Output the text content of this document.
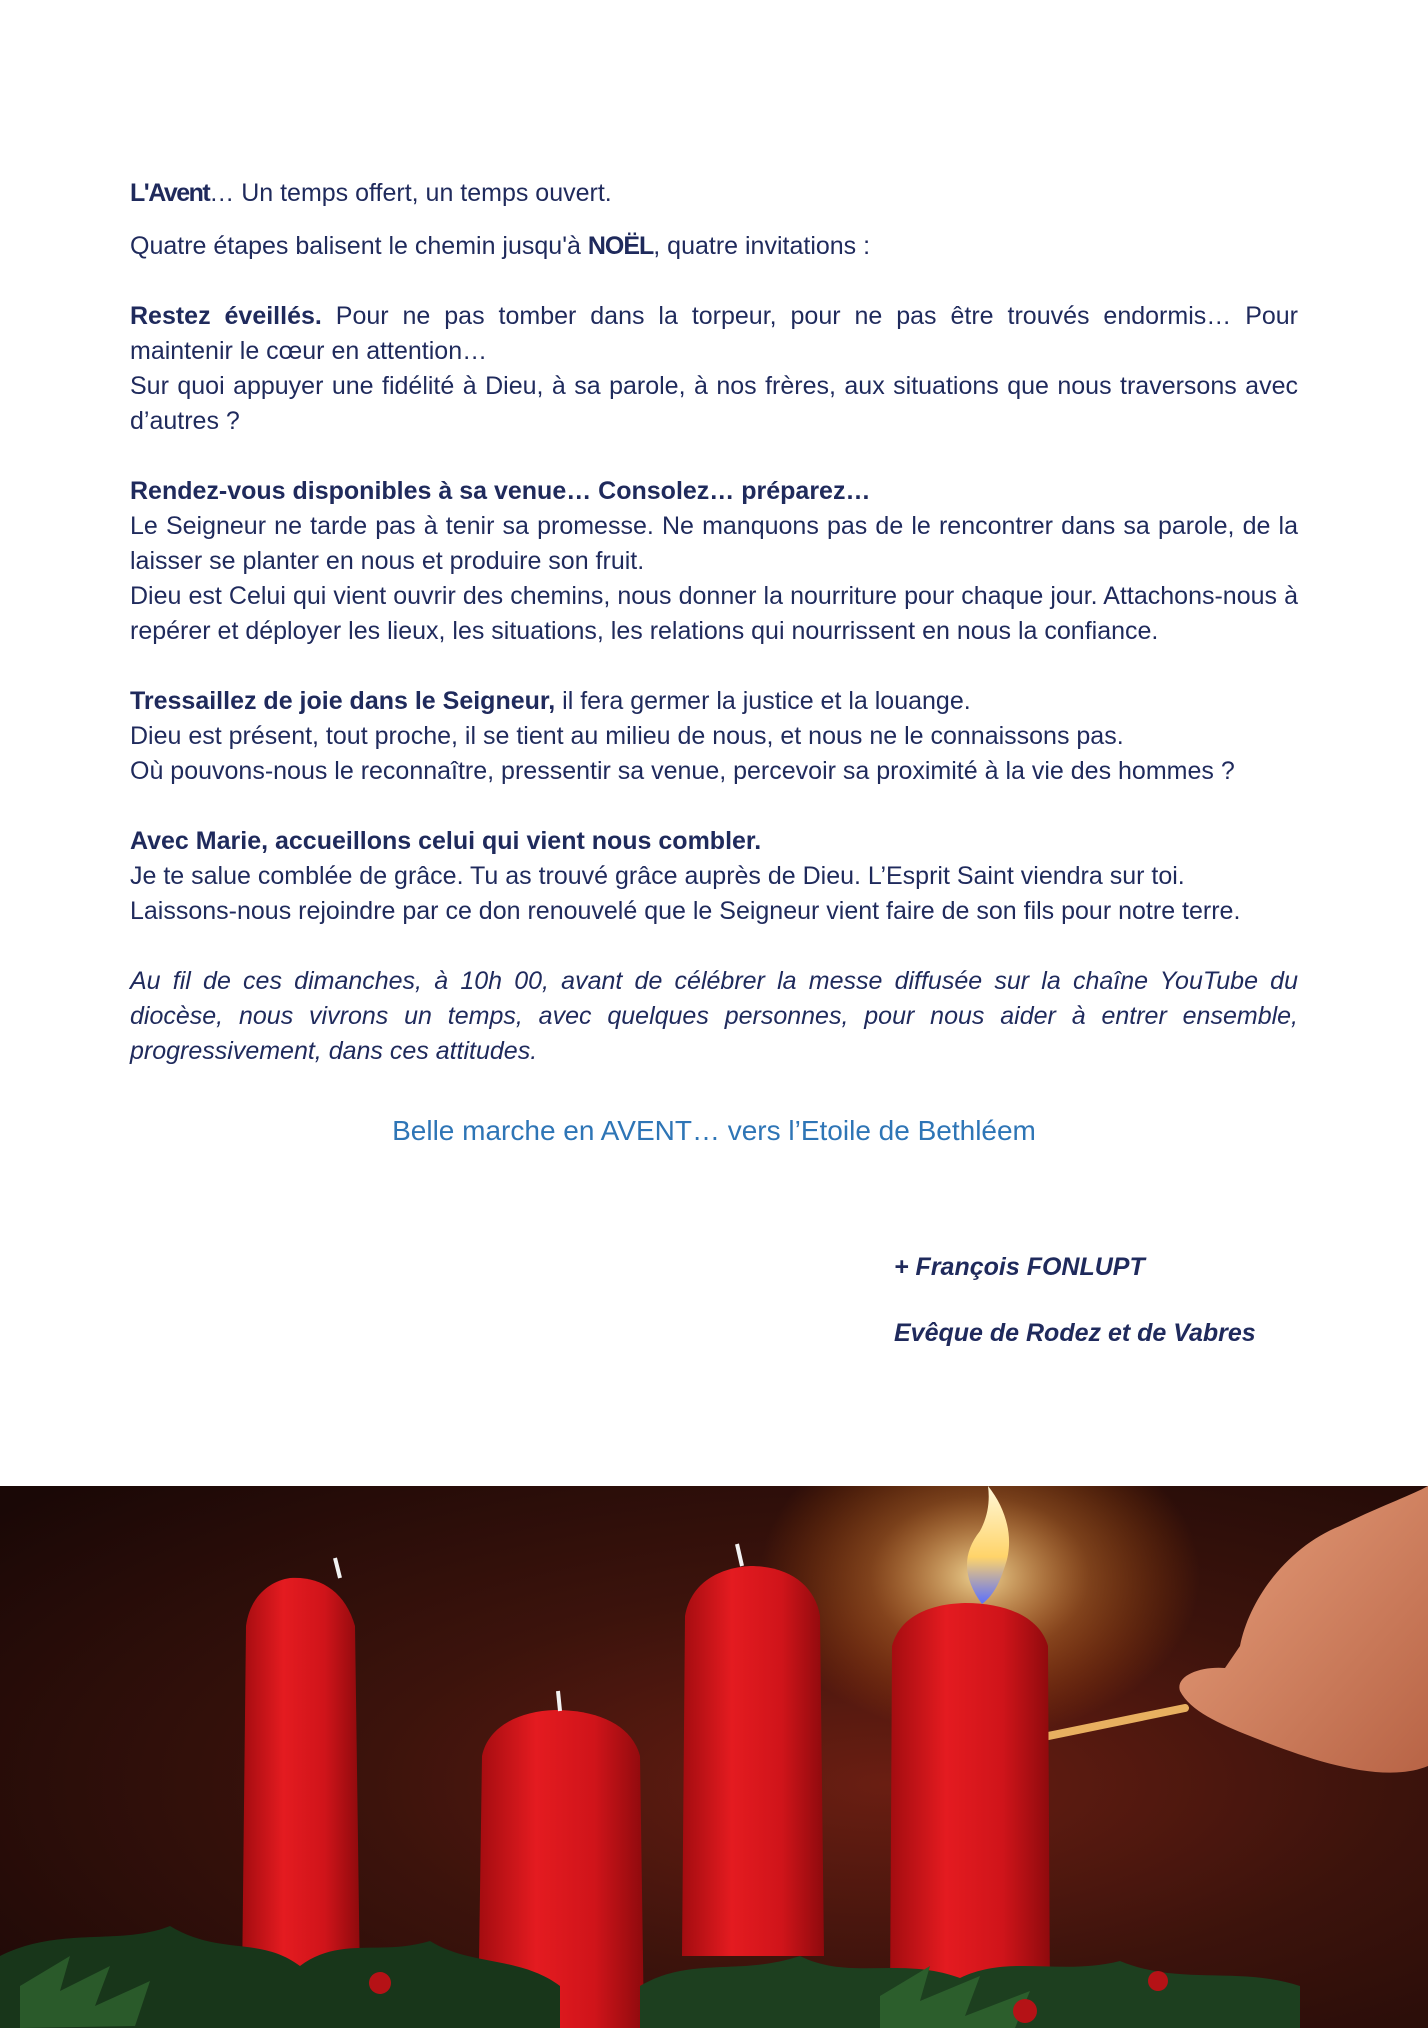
L'Avent… Un temps offert, un temps ouvert.

Quatre étapes balisent le chemin jusqu'à NOËL, quatre invitations :

Restez éveillés. Pour ne pas tomber dans la torpeur, pour ne pas être trouvés endormis… Pour maintenir le cœur en attention…

Sur quoi appuyer une fidélité à Dieu, à sa parole, à nos frères, aux situations que nous traversons avec d’autres ?

Rendez-vous disponibles à sa venue… Consolez… préparez…

Le Seigneur ne tarde pas à tenir sa promesse. Ne manquons pas de le rencontrer dans sa parole, de la laisser se planter en nous et produire son fruit.

Dieu est Celui qui vient ouvrir des chemins, nous donner la nourriture pour chaque jour. Attachons-nous à repérer et déployer les lieux, les situations, les relations qui nourrissent en nous la confiance.

Tressaillez de joie dans le Seigneur, il fera germer la justice et la louange.

Dieu est présent, tout proche, il se tient au milieu de nous, et nous ne le connaissons pas.

Où pouvons-nous le reconnaître, pressentir sa venue, percevoir sa proximité à la vie des hommes ?

Avec Marie, accueillons celui qui vient nous combler.

Je te salue comblée de grâce. Tu as trouvé grâce auprès de Dieu. L’Esprit Saint viendra sur toi.

Laissons-nous rejoindre par ce don renouvelé que le Seigneur vient faire de son fils pour notre terre.

Au fil de ces dimanches, à 10h 00, avant de célébrer la messe diffusée sur la chaîne YouTube du diocèse, nous vivrons un temps, avec quelques personnes, pour nous aider à entrer ensemble, progressivement, dans ces attitudes.

Belle marche en AVENT… vers l’Etoile de Bethléem
+ François FONLUPT
Evêque de Rodez et de Vabres
